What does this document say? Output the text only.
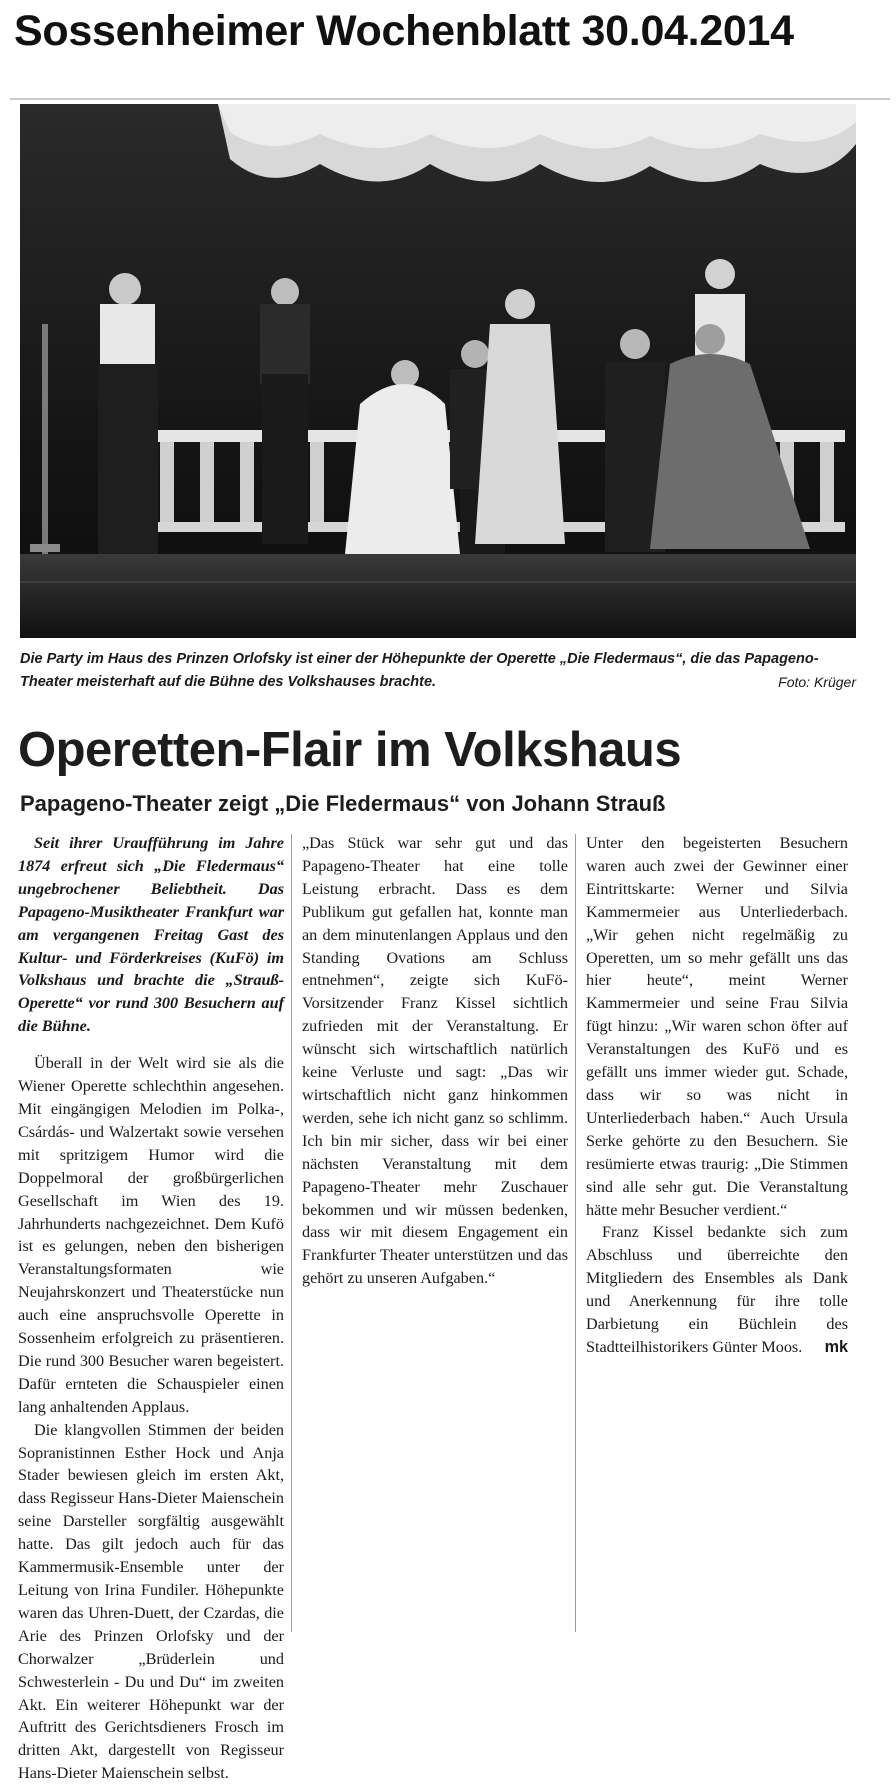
Sossenheimer Wochenblatt 30.04.2014
Die Party im Haus des Prinzen Orlofsky ist einer der Höhepunkte der Operette „Die Fledermaus“, die das Papageno-Theater meisterhaft auf die Bühne des Volkshauses brachte.	Foto: Krüger
Operetten-Flair im Volkshaus
Papageno-Theater zeigt „Die Fledermaus“ von Johann Strauß

Seit ihrer Uraufführung im Jahre 1874 erfreut sich „Die Fledermaus“ ungebrochener Beliebtheit. Das Papageno-Musiktheater Frankfurt war am vergangenen Freitag Gast des Kultur- und Förderkreises (KuFö) im Volkshaus und brachte die „Strauß-Operette“ vor rund 300 Besuchern auf die Bühne.

Überall in der Welt wird sie als die Wiener Operette schlechthin angesehen. Mit eingängigen Melodien im Polka-, Csárdás- und Walzertakt sowie versehen mit spritzigem Humor wird die Doppelmoral der großbürgerlichen Gesellschaft im Wien des 19. Jahrhunderts nachgezeichnet. Dem Kufö ist es gelungen, neben den bisherigen Veranstaltungsformaten wie Neujahrskonzert und Theaterstücke nun auch eine anspruchsvolle Operette in Sossenheim erfolgreich zu präsentieren. Die rund 300 Besucher waren begeistert. Dafür ernteten die Schauspieler einen lang anhaltenden Applaus.

Die klangvollen Stimmen der beiden Sopranistinnen Esther Hock und Anja Stader bewiesen gleich im ersten Akt, dass Regisseur Hans-Dieter Maienschein seine Darsteller sorgfältig ausgewählt hatte. Das gilt jedoch auch für das Kammermusik-Ensemble unter der Leitung von Irina Fundiler. Höhepunkte waren das Uhren-Duett, der Czardas, die Arie des Prinzen Orlofsky und der Chorwalzer „Brüderlein und Schwesterlein - Du und Du“ im zweiten Akt. Ein weiterer Höhepunkt war der Auftritt des Gerichtsdieners Frosch im dritten Akt, dargestellt von Regisseur Hans-Dieter Maienschein selbst.

„Das Stück war sehr gut und das Papageno-Theater hat eine tolle Leistung erbracht. Dass es dem Publikum gut gefallen hat, konnte man an dem minutenlangen Applaus und den Standing Ovations am Schluss entnehmen“, zeigte sich KuFö-Vorsitzender Franz Kissel sichtlich zufrieden mit der Veranstaltung. Er wünscht sich wirtschaftlich natürlich keine Verluste und sagt: „Das wir wirtschaftlich nicht ganz hinkommen werden, sehe ich nicht ganz so schlimm. Ich bin mir sicher, dass wir bei einer nächsten Veranstaltung mit dem Papageno-Theater mehr Zuschauer bekommen und wir müssen bedenken, dass wir mit diesem Engagement ein Frankfurter Theater unterstützen und das gehört zu unseren Aufgaben.“

Unter den begeisterten Besuchern waren auch zwei der Gewinner einer Eintrittskarte: Werner und Silvia Kammermeier aus Unterliederbach. „Wir gehen nicht regelmäßig zu Operetten, um so mehr gefällt uns das hier heute“, meint Werner Kammermeier und seine Frau Silvia fügt hinzu: „Wir waren schon öfter auf Veranstaltungen des KuFö und es gefällt uns immer wieder gut. Schade, dass wir so was nicht in Unterliederbach haben.“ Auch Ursula Serke gehörte zu den Besuchern. Sie resümierte etwas traurig: „Die Stimmen sind alle sehr gut. Die Veranstaltung hätte mehr Besucher verdient.“

Franz Kissel bedankte sich zum Abschluss und überreichte den Mitgliedern des Ensembles als Dank und Anerkennung für ihre tolle Darbietung ein Büchlein des Stadtteilhistorikers Günter Moos.	mk
